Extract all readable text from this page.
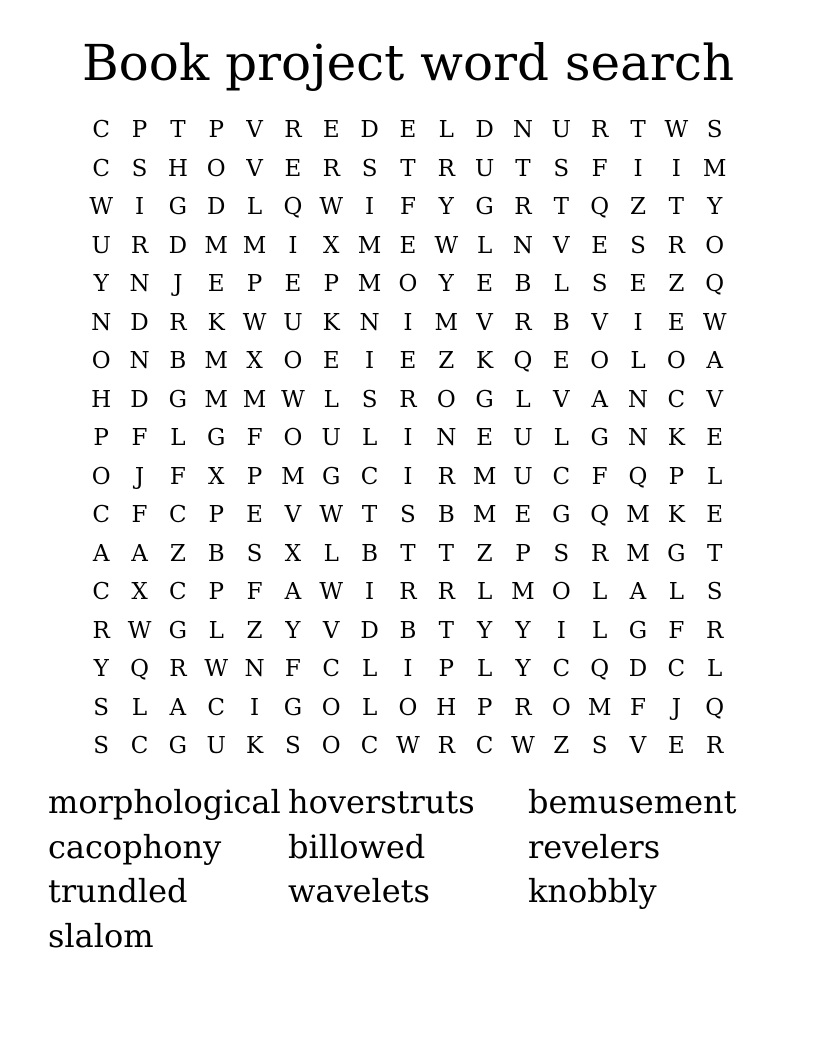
Book project word search
C P T P V R E D E L D N U R T W S
C S H O V E R S T R U T S F	I	I M
W I	G D L Q W I	F Y G R T Q Z T	Y
U R D M M I	X M E W L N V E S R O
Y N	J	E P E P M O Y E B L S E Z Q
N D R K W U K N	I M V R B V	I	E W
O N B M X O E	I	E Z K Q E O L O A
H D G M M W L S R O G L V A N C V
P F L G F O U L	I	N E U L G N K E
O	J	F X P M G C	I	R M U C F Q P L
C F C P E V W T S B M E G Q M K E
A A Z B S X L B T	T Z P S R M G T
C X C P F A W I	R R L M O L A L S
R W G L Z Y V D B T	Y	Y	I	L G F R
Y Q R W N F C L	I	P L	Y C Q D C L
S L A C	I	G O L O H P R O M F	J	Q
S C G U K S O C W R C W Z S V E R
morphological hoverstruts	bemusement
cacophony	billowed	revelers
trundled	wavelets	knobbly
slalom
